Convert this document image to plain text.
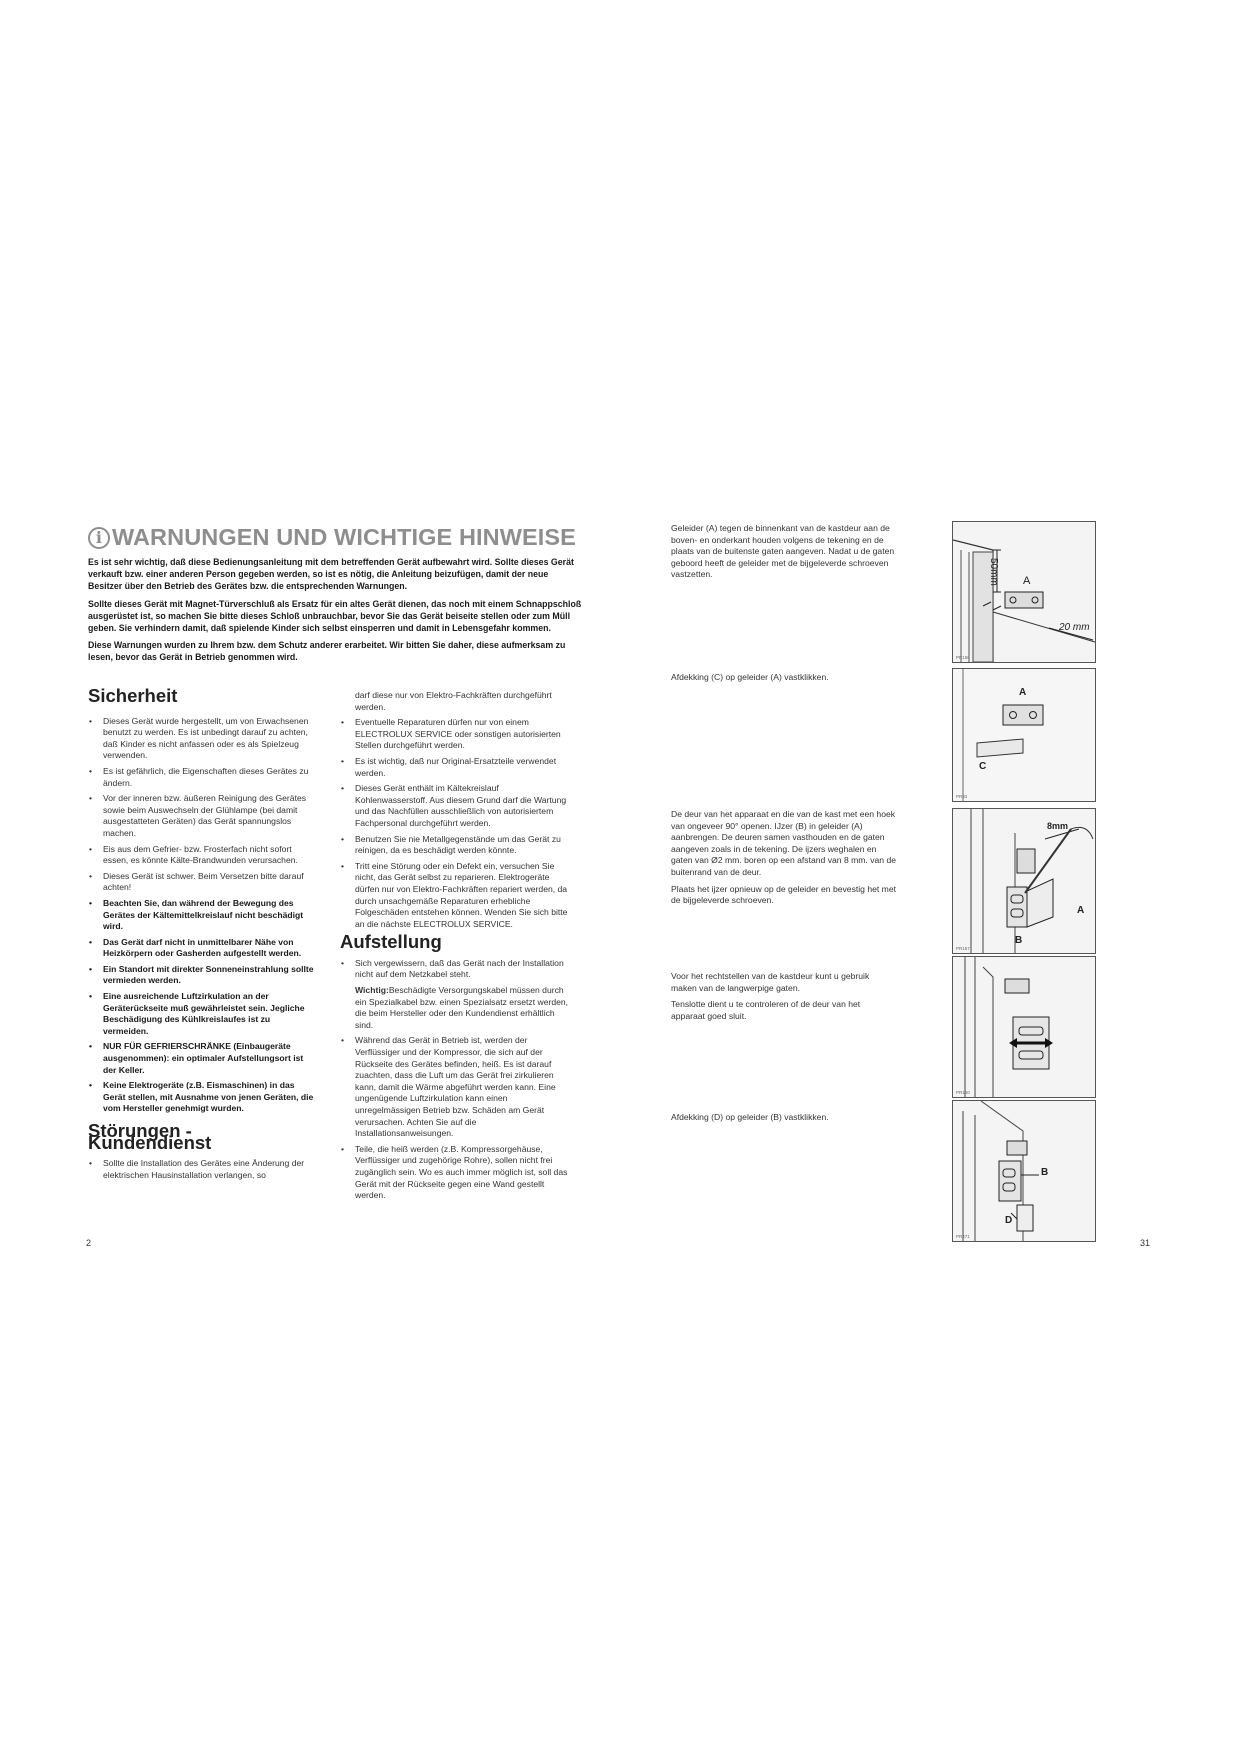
i WARNUNGEN UND WICHTIGE HINWEISE

Es ist sehr wichtig, daß diese Bedienungsanleitung mit dem betreffenden Gerät aufbewahrt wird. Sollte dieses Gerät verkauft bzw. einer anderen Person gegeben werden, so ist es nötig, die Anleitung beizufügen, damit der neue Besitzer über den Betrieb des Gerätes bzw. die entsprechenden Warnungen.

Sollte dieses Gerät mit Magnet-Türverschluß als Ersatz für ein altes Gerät dienen, das noch mit einem Schnappschloß ausgerüstet ist, so machen Sie bitte dieses Schloß unbrauchbar, bevor Sie das Gerät beiseite stellen oder zum Müll geben. Sie verhindern damit, daß spielende Kinder sich selbst einsperren und damit in Lebensgefahr kommen.

Diese Warnungen wurden zu Ihrem bzw. dem Schutz anderer erarbeitet. Wir bitten Sie daher, diese aufmerksam zu lesen, bevor das Gerät in Betrieb genommen wird.

Sicherheit
• Dieses Gerät wurde hergestellt, um von Erwachsenen benutzt zu werden. Es ist unbedingt darauf zu achten, daß Kinder es nicht anfassen oder es als Spielzeug verwenden.
• Es ist gefährlich, die Eigenschaften dieses Gerätes zu ändern.
• Vor der inneren bzw. äußeren Reinigung des Gerätes sowie beim Auswechseln der Glühlampe (bei damit ausgestatteten Geräten) das Gerät spannungslos machen.
• Eis aus dem Gefrier- bzw. Frosterfach nicht sofort essen, es könnte Kälte-Brandwunden verursachen.
• Dieses Gerät ist schwer. Beim Versetzen bitte darauf achten!
• Beachten Sie, dan während der Bewegung des Gerätes der Kältemittelkreislauf nicht beschädigt wird.
• Das Gerät darf nicht in unmittelbarer Nähe von Heizkörpern oder Gasherden aufgestellt werden.
• Ein Standort mit direkter Sonneneinstrahlung sollte vermieden werden.
• Eine ausreichende Luftzirkulation an der Geräterückseite muß gewährleistet sein. Jegliche Beschädigung des Kühlkreislaufes ist zu vermeiden.
• NUR FÜR GEFRIERSCHRÄNKE (Einbaugeräte ausgenommen): ein optimaler Aufstellungsort ist der Keller.
• Keine Elektrogeräte (z.B. Eismaschinen) in das Gerät stellen, mit Ausnahme von jenen Geräten, die vom Hersteller genehmigt wurden.
Störungen - Kundendienst
• Sollte die Installation des Gerätes eine Änderung der elektrischen Hausinstallation verlangen, so
darf diese nur von Elektro-Fachkräften durchgeführt werden.
• Eventuelle Reparaturen dürfen nur von einem ELECTROLUX SERVICE oder sonstigen autorisierten Stellen durchgeführt werden.
• Es ist wichtig, daß nur Original-Ersatzteile verwendet werden.
• Dieses Gerät enthält im Kältekreislauf Kohlenwasserstoff. Aus diesem Grund darf die Wartung und das Nachfüllen ausschließlich von autorisiertem Fachpersonal durchgeführt werden.
• Benutzen Sie nie Metallgegenstände um das Gerät zu reinigen, da es beschädigt werden könnte.
• Tritt eine Störung oder ein Defekt ein, versuchen Sie nicht, das Gerät selbst zu reparieren. Elektrogeräte dürfen nur von Elektro-Fachkräften repariert werden, da durch unsachgemäße Reparaturen erhebliche Folgeschäden entstehen können. Wenden Sie sich bitte an die nächste ELECTROLUX SERVICE.
Aufstellung
• Sich vergewissern, daß das Gerät nach der Installation nicht auf dem Netzkabel steht.

Wichtig:Beschädigte Versorgungskabel müssen durch ein Spezialkabel bzw. einen Spezialsatz ersetzt werden, die beim Hersteller oder den Kundendienst erhältlich sind.

• Während das Gerät in Betrieb ist, werden der Verflüssiger und der Kompressor, die sich auf der Rückseite des Gerätes befinden, heiß. Es ist darauf zuachten, dass die Luft um das Gerät frei zirkulieren kann, damit die Wärme abgeführt werden kann. Eine ungenügende Luftzirkulation kann einen unregelmässigen Betrieb bzw. Schäden am Gerät verursachen. Achten Sie auf die Installationsanweisungen.
• Teile, die heiß werden (z.B. Kompressorgehäuse, Verflüssiger und zugehörige Rohre), sollen nicht frei zugänglich sein. Wo es auch immer möglich ist, soll das Gerät mit der Rückseite gegen eine Wand gestellt werden.
2

Geleider (A) tegen de binnenkant van de kastdeur aan de boven- en onderkant houden volgens de tekening en de plaats van de buitenste gaten aangeven. Nadat u de gaten geboord heeft de geleider met de bijgeleverde schroeven vastzetten.

Afdekking (C) op geleider (A) vastklikken.

De deur van het apparaat en die van de kast met een hoek van ongeveer 90° openen. IJzer (B) in geleider (A) aanbrengen. De deuren samen vasthouden en de gaten aangeven zoals in de tekening. De ijzers weghalen en gaten van Ø2 mm. boren op een afstand van 8 mm. van de buitenrand van de deur.

Plaats het ijzer opnieuw op de geleider en bevestig het met de bijgeleverde schroeven.

Voor het rechtstellen van de kastdeur kunt u gebruik maken van de langwerpige gaten.

Tenslotte dient u te controleren of de deur van het apparaat goed sluit.

Afdekking (D) op geleider (B) vastklikken.

31
50mm A
20 mm
PR158
A
C
PR33
8mm
A
B
PR157
PR160
B
D
PR471
